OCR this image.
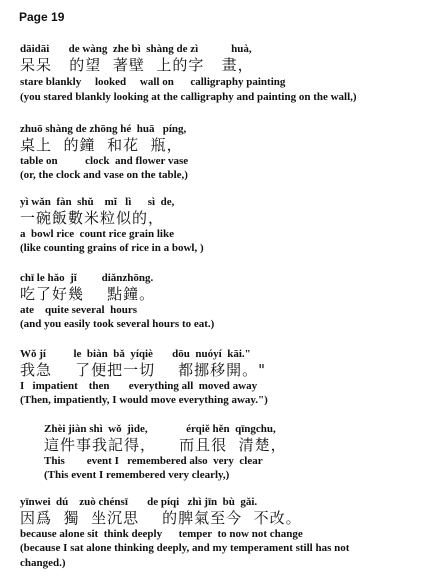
Page 19
dāidāi       de wàng  zhe bì  shàng de zì            huà,
呆呆   的望  著壁  上的字   畫，
stare blankly     looked     wall on      calligraphy painting
(you stared blankly looking at the calligraphy and painting on the wall,)
zhuō shàng de zhōng hé  huā   píng,
桌上  的鐘  和花  瓶，
table on          clock  and flower vase
(or, the clock and vase on the table,)
yì wǎn  fàn  shǔ    mǐ   lì      sì  de,
一碗飯數米粒似的，
a  bowl rice  count rice grain like
(like counting grains of rice in a bowl, )
chī le hǎo  jǐ         diǎnzhōng.
吃了好幾    點鐘。
ate    quite several  hours
(and you easily took several hours to eat.)
Wǒ jí          le  biàn  bǎ  yíqiè       dōu  nuóyí  kāi."
我急    了便把一切    都挪移開。"
I   impatient    then       everything all  moved away
(Then, impatiently, I would move everything away.")
Zhèi jiàn shì  wǒ  jìde,              érqiě hěn  qīngchu,
這件事我記得，    而且很  清楚，
This        event I   remembered also  very  clear
(This event I remembered very clearly,)
yīnwei  dú    zuò chénsī       de píqi   zhì jīn  bù  gǎi.
因爲  獨  坐沉思    的脾氣至今  不改。
because alone sit  think deeply      temper  to now not change
(because I sat alone thinking deeply, and my temperament still has not
changed.)
